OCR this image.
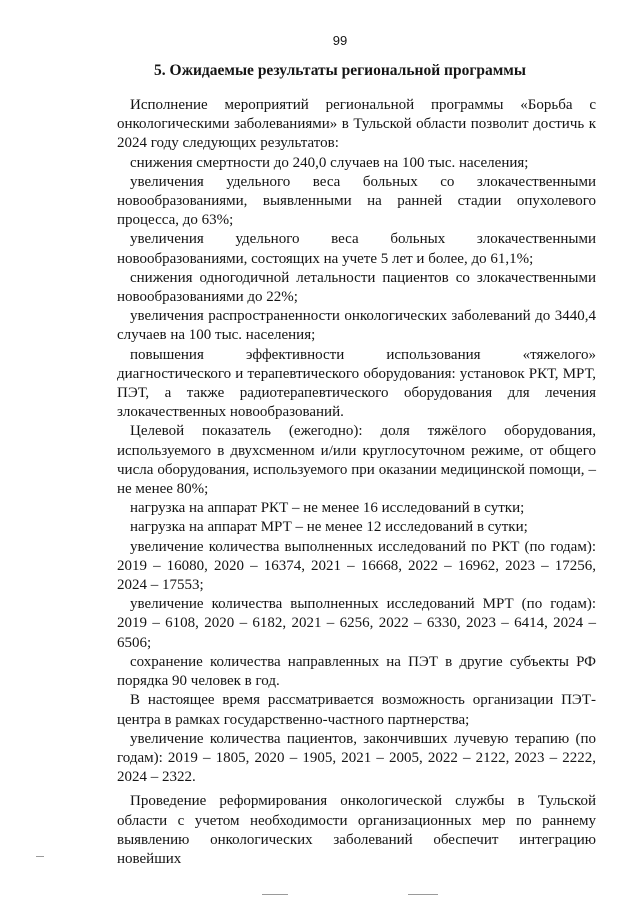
99
5. Ожидаемые результаты региональной программы

Исполнение мероприятий региональной программы «Борьба с онкологическими заболеваниями» в Тульской области позволит достичь к 2024 году следующих результатов:

снижения смертности до 240,0 случаев на 100 тыс. населения;

увеличения удельного веса больных со злокачественными новообразованиями, выявленными на ранней стадии опухолевого процесса, до 63%;

увеличения удельного веса больных злокачественными новообразованиями, состоящих на учете 5 лет и более, до 61,1%;

снижения одногодичной летальности пациентов со злокачественными новообразованиями до 22%;

увеличения распространенности онкологических заболеваний до 3440,4 случаев на 100 тыс. населения;

повышения эффективности использования «тяжелого» диагностического и терапевтического оборудования: установок РКТ, МРТ, ПЭТ, а также радиотерапевтического оборудования для лечения злокачественных новообразований.

Целевой показатель (ежегодно): доля тяжёлого оборудования, используемого в двухсменном и/или круглосуточном режиме, от общего числа оборудования, используемого при оказании медицинской помощи, – не менее 80%;

нагрузка на аппарат РКТ – не менее 16 исследований в сутки;

нагрузка на аппарат МРТ – не менее 12 исследований в сутки;

увеличение количества выполненных исследований по РКТ (по годам): 2019 – 16080, 2020 – 16374, 2021 – 16668, 2022 – 16962, 2023 – 17256, 2024 – 17553;

увеличение количества выполненных исследований МРТ (по годам): 2019 – 6108, 2020 – 6182, 2021 – 6256, 2022 – 6330, 2023 – 6414, 2024 – 6506;

сохранение количества направленных на ПЭТ в другие субъекты РФ порядка 90 человек в год.

В настоящее время рассматривается возможность организации ПЭТ-центра в рамках государственно-частного партнерства;

увеличение количества пациентов, закончивших лучевую терапию (по годам): 2019 – 1805, 2020 – 1905, 2021 – 2005, 2022 – 2122, 2023 – 2222, 2024 – 2322.

Проведение реформирования онкологической службы в Тульской области с учетом необходимости организационных мер по раннему выявлению онкологических заболеваний обеспечит интеграцию новейших
